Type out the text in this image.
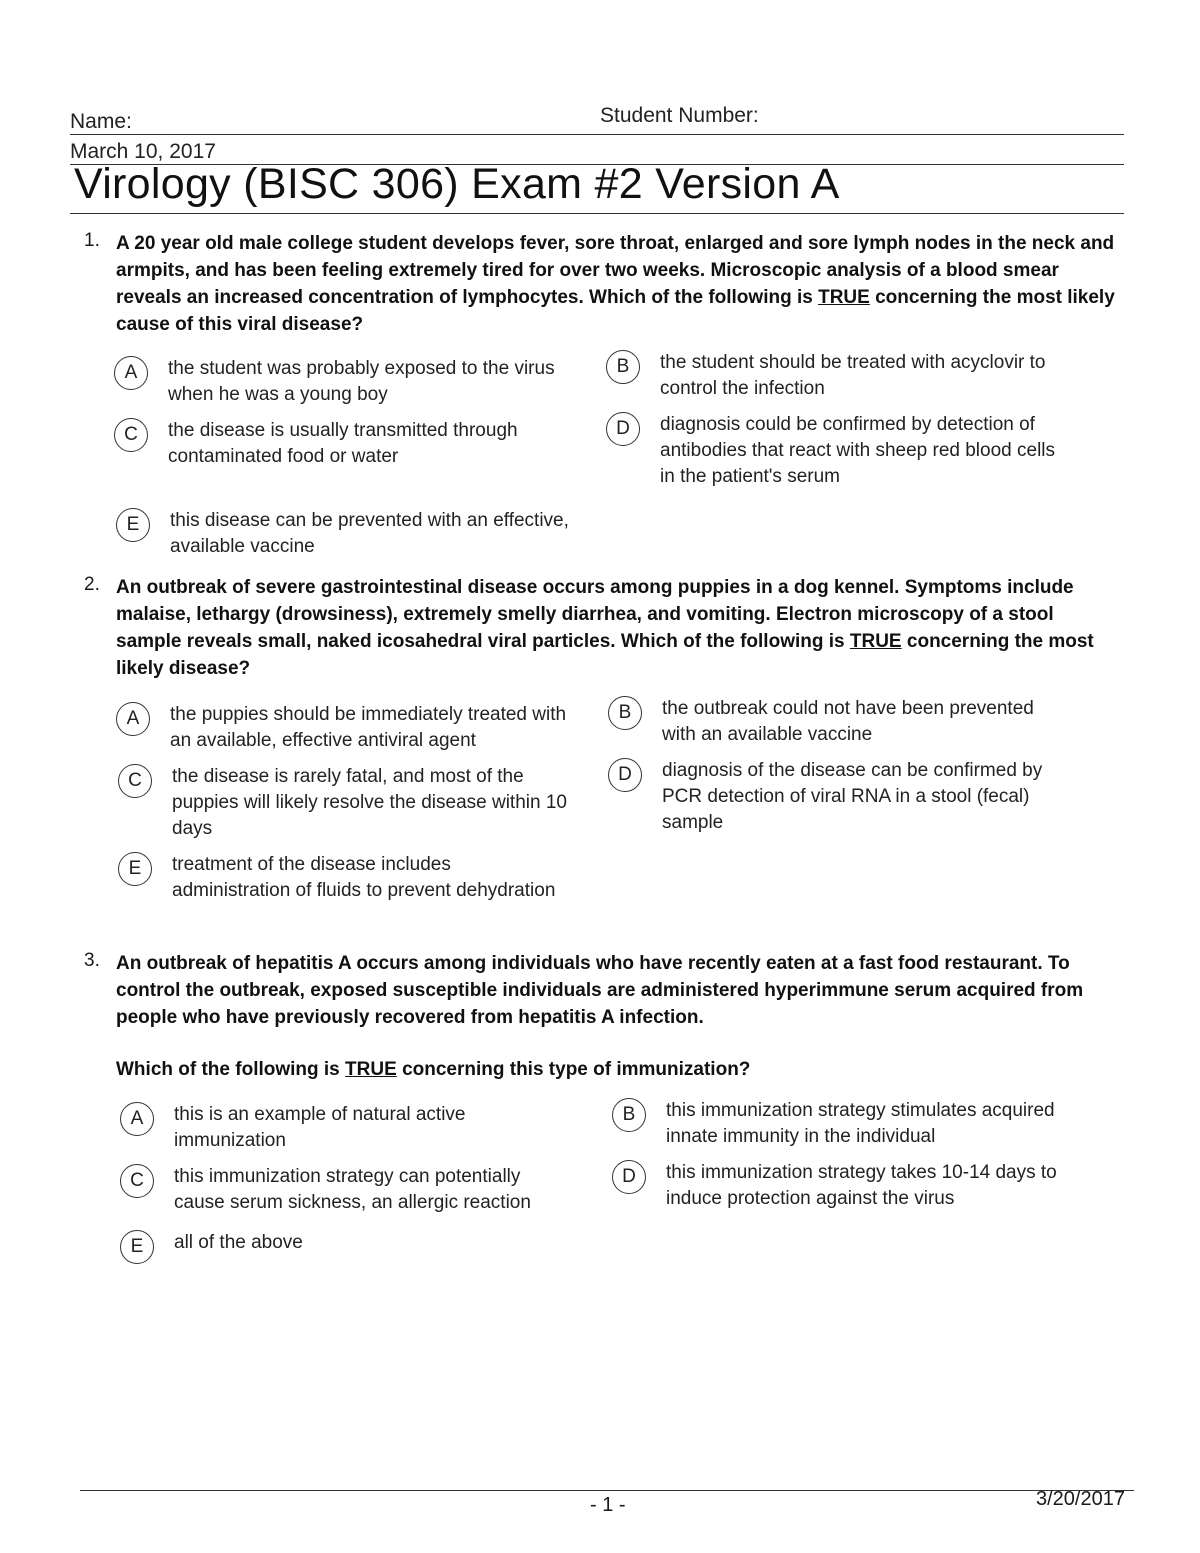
Name:	Student Number:
March 10, 2017
Virology (BISC 306) Exam #2 Version A
1. A 20 year old male college student develops fever, sore throat, enlarged and sore lymph nodes in the neck and armpits, and has been feeling extremely tired for over two weeks. Microscopic analysis of a blood smear reveals an increased concentration of lymphocytes. Which of the following is TRUE concerning the most likely cause of this viral disease?
A	the student was probably exposed to the virus when he was a young boy
B	the student should be treated with acyclovir to control the infection
C	the disease is usually transmitted through contaminated food or water
D	diagnosis could be confirmed by detection of antibodies that react with sheep red blood cells in the patient's serum
E	this disease can be prevented with an effective, available vaccine
2. An outbreak of severe gastrointestinal disease occurs among puppies in a dog kennel. Symptoms include malaise, lethargy (drowsiness), extremely smelly diarrhea, and vomiting. Electron microscopy of a stool sample reveals small, naked icosahedral viral particles. Which of the following is TRUE concerning the most likely disease?
A	the puppies should be immediately treated with an available, effective antiviral agent
B	the outbreak could not have been prevented with an available vaccine
C	the disease is rarely fatal, and most of the puppies will likely resolve the disease within 10 days
D	diagnosis of the disease can be confirmed by PCR detection of viral RNA in a stool (fecal) sample
E	treatment of the disease includes administration of fluids to prevent dehydration
3. An outbreak of hepatitis A occurs among individuals who have recently eaten at a fast food restaurant. To control the outbreak, exposed susceptible individuals are administered hyperimmune serum acquired from people who have previously recovered from hepatitis A infection.
Which of the following is TRUE concerning this type of immunization?
A	this is an example of natural active immunization
B	this immunization strategy stimulates acquired innate immunity in the individual
C	this immunization strategy can potentially cause serum sickness, an allergic reaction
D	this immunization strategy takes 10-14 days to induce protection against the virus
E	all of the above
- 1 -	3/20/2017
